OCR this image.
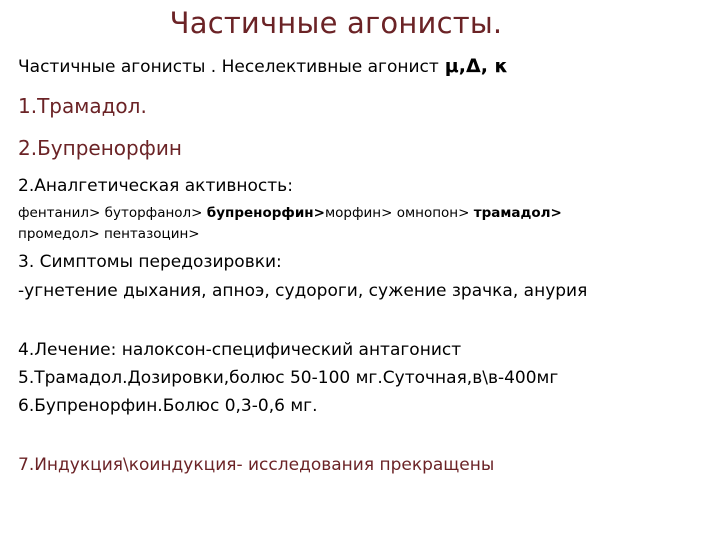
Частичные агонисты.
Частичные агонисты . Неселективные агонист μ,Δ, κ
1.Трамадол.
2.Бупренорфин
2.Аналгетическая активность:
фентанил> буторфанол> бупренорфин>морфин> омнопон> трамадол>
промедол> пентазоцин>
3. Симптомы передозировки:
-угнетение дыхания, апноэ, судороги, сужение зрачка, анурия
4.Лечение: налоксон-специфический антагонист
5.Трамадол.Дозировки,болюс 50-100 мг.Суточная,в\в-400мг
6.Бупренорфин.Болюс 0,3-0,6 мг.
7.Индукция\коиндукция- исследования прекращены
